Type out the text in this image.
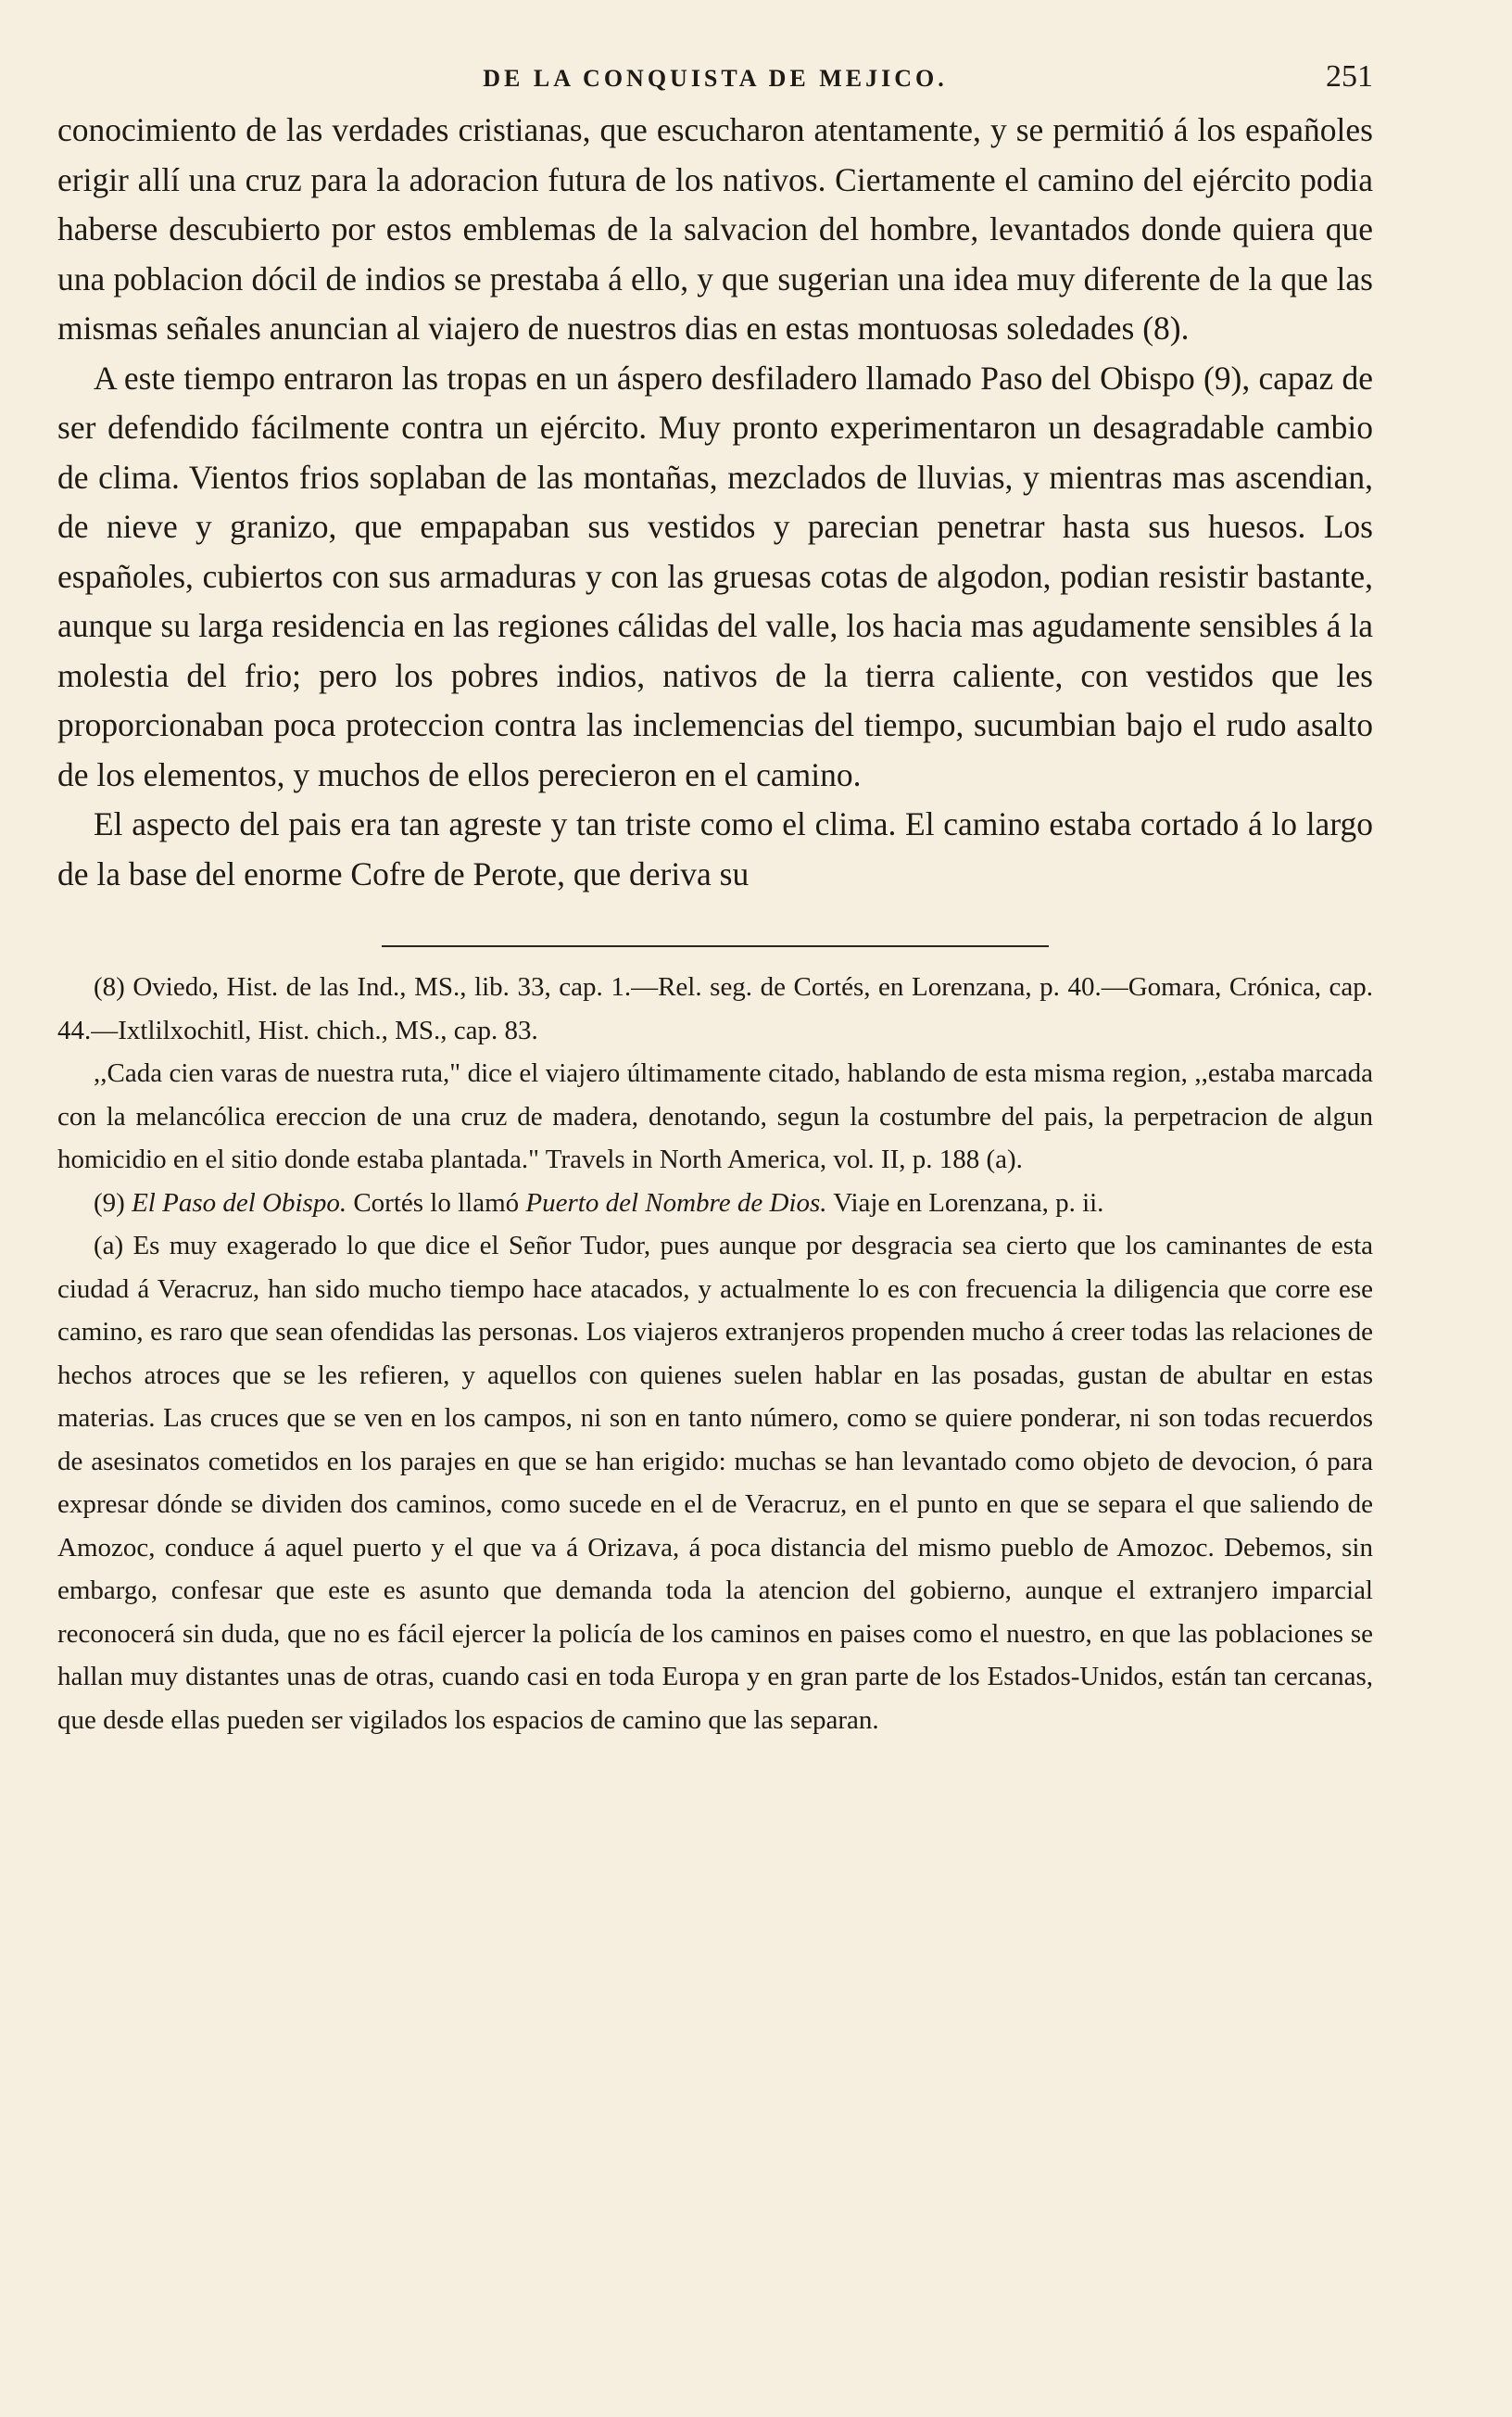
DE LA CONQUISTA DE MEJICO.	251

conocimiento de las verdades cristianas, que escucharon atentamente, y se permitió á los españoles erigir allí una cruz para la adoracion futura de los nativos. Ciertamente el camino del ejército podia haberse descubierto por estos emblemas de la salvacion del hombre, levantados donde quiera que una poblacion dócil de indios se prestaba á ello, y que sugerian una idea muy diferente de la que las mismas señales anuncian al viajero de nuestros dias en estas montuosas soledades (8).

A este tiempo entraron las tropas en un áspero desfiladero llamado Paso del Obispo (9), capaz de ser defendido fácilmente contra un ejército. Muy pronto experimentaron un desagradable cambio de clima. Vientos frios soplaban de las montañas, mezclados de lluvias, y mientras mas ascendian, de nieve y granizo, que empapaban sus vestidos y parecian penetrar hasta sus huesos. Los españoles, cubiertos con sus armaduras y con las gruesas cotas de algodon, podian resistir bastante, aunque su larga residencia en las regiones cálidas del valle, los hacia mas agudamente sensibles á la molestia del frio; pero los pobres indios, nativos de la tierra caliente, con vestidos que les proporcionaban poca proteccion contra las inclemencias del tiempo, sucumbian bajo el rudo asalto de los elementos, y muchos de ellos perecieron en el camino.

El aspecto del pais era tan agreste y tan triste como el clima. El camino estaba cortado á lo largo de la base del enorme Cofre de Perote, que deriva su

(8) Oviedo, Hist. de las Ind., MS., lib. 33, cap. 1.—Rel. seg. de Cortés, en Lorenzana, p. 40.—Gomara, Crónica, cap. 44.—Ixtlilxochitl, Hist. chich., MS., cap. 83.

,,Cada cien varas de nuestra ruta," dice el viajero últimamente citado, hablando de esta misma region, ,,estaba marcada con la melancólica ereccion de una cruz de madera, denotando, segun la costumbre del pais, la perpetracion de algun homicidio en el sitio donde estaba plantada." Travels in North America, vol. II, p. 188 (a).

(9) El Paso del Obispo. Cortés lo llamó Puerto del Nombre de Dios. Viaje en Lorenzana, p. ii.

(a) Es muy exagerado lo que dice el Señor Tudor, pues aunque por desgracia sea cierto que los caminantes de esta ciudad á Veracruz, han sido mucho tiempo hace atacados, y actualmente lo es con frecuencia la diligencia que corre ese camino, es raro que sean ofendidas las personas. Los viajeros extranjeros propenden mucho á creer todas las relaciones de hechos atroces que se les refieren, y aquellos con quienes suelen hablar en las posadas, gustan de abultar en estas materias. Las cruces que se ven en los campos, ni son en tanto número, como se quiere ponderar, ni son todas recuerdos de asesinatos cometidos en los parajes en que se han erigido: muchas se han levantado como objeto de devocion, ó para expresar dónde se dividen dos caminos, como sucede en el de Veracruz, en el punto en que se separa el que saliendo de Amozoc, conduce á aquel puerto y el que va á Orizava, á poca distancia del mismo pueblo de Amozoc. Debemos, sin embargo, confesar que este es asunto que demanda toda la atencion del gobierno, aunque el extranjero imparcial reconocerá sin duda, que no es fácil ejercer la policía de los caminos en paises como el nuestro, en que las poblaciones se hallan muy distantes unas de otras, cuando casi en toda Europa y en gran parte de los Estados-Unidos, están tan cercanas, que desde ellas pueden ser vigilados los espacios de camino que las separan.
